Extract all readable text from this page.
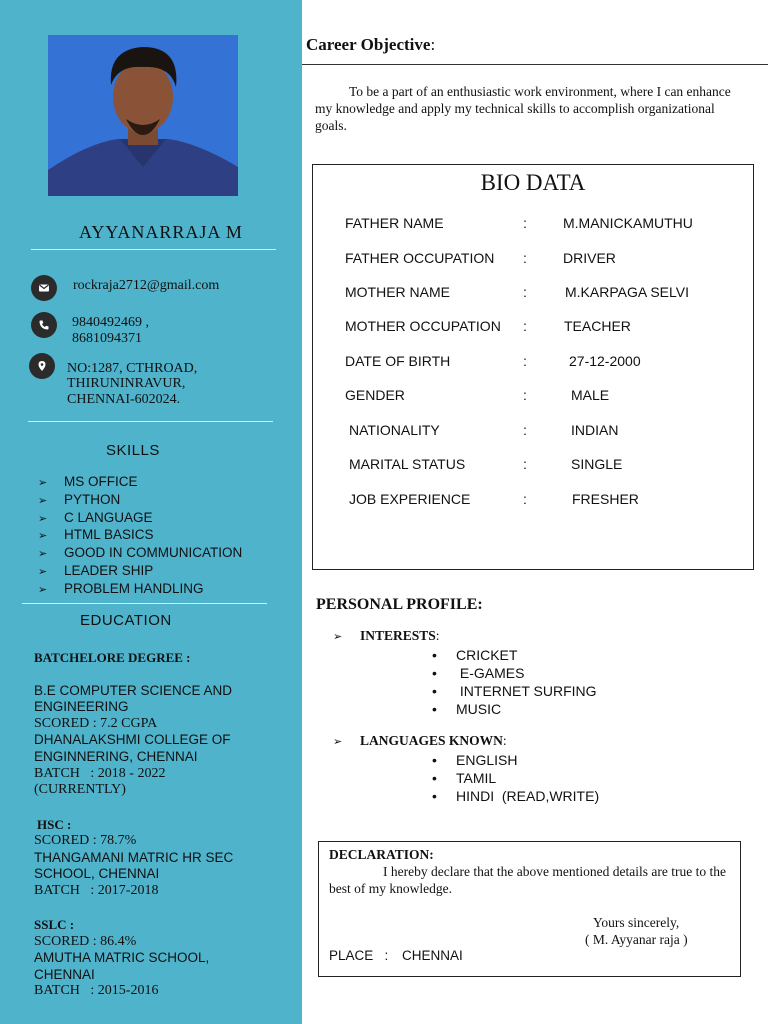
AYYANARRAJA M
rockraja2712@gmail.com
9840492469 ,
8681094371
NO:1287, CTHROAD,
THIRUNINRAVUR,
CHENNAI-602024.
SKILLS
➢ MS OFFICE
➢ PYTHON
➢ C LANGUAGE
➢ HTML BASICS
➢ GOOD IN COMMUNICATION
➢ LEADER SHIP
➢ PROBLEM HANDLING
EDUCATION
BATCHELORE DEGREE :
B.E COMPUTER SCIENCE AND
ENGINEERING
SCORED : 7.2 CGPA
DHANALAKSHMI COLLEGE OF
ENGINNERING, CHENNAI
BATCH   : 2018 - 2022
(CURRENTLY)
HSC :
SCORED : 78.7%
THANGAMANI MATRIC HR SEC
SCHOOL, CHENNAI
BATCH   : 2017-2018
SSLC :
SCORED : 86.4%
AMUTHA MATRIC SCHOOL,
CHENNAI
BATCH   : 2015-2016
Career Objective:
To be a part of an enthusiastic work environment, where I can enhance my knowledge and apply my technical skills to accomplish organizational goals.
BIO DATA
FATHER NAME	:	M.MANICKAMUTHU
FATHER OCCUPATION :	DRIVER
MOTHER NAME	:	M.KARPAGA SELVI
MOTHER OCCUPATION :	TEACHER
DATE OF BIRTH	:	27-12-2000
GENDER	:	MALE
NATIONALITY	:	INDIAN
MARITAL STATUS	:	SINGLE
JOB EXPERIENCE	:	FRESHER
PERSONAL PROFILE:
➢ INTERESTS:
• CRICKET
•  E-GAMES
•  INTERNET SURFING
• MUSIC
➢ LANGUAGES KNOWN:
• ENGLISH
• TAMIL
• HINDI  (READ,WRITE)
DECLARATION:
I hereby declare that the above mentioned details are true to the best of my knowledge.
Yours sincerely,
( M. Ayyanar raja )
PLACE   : CHENNAI
